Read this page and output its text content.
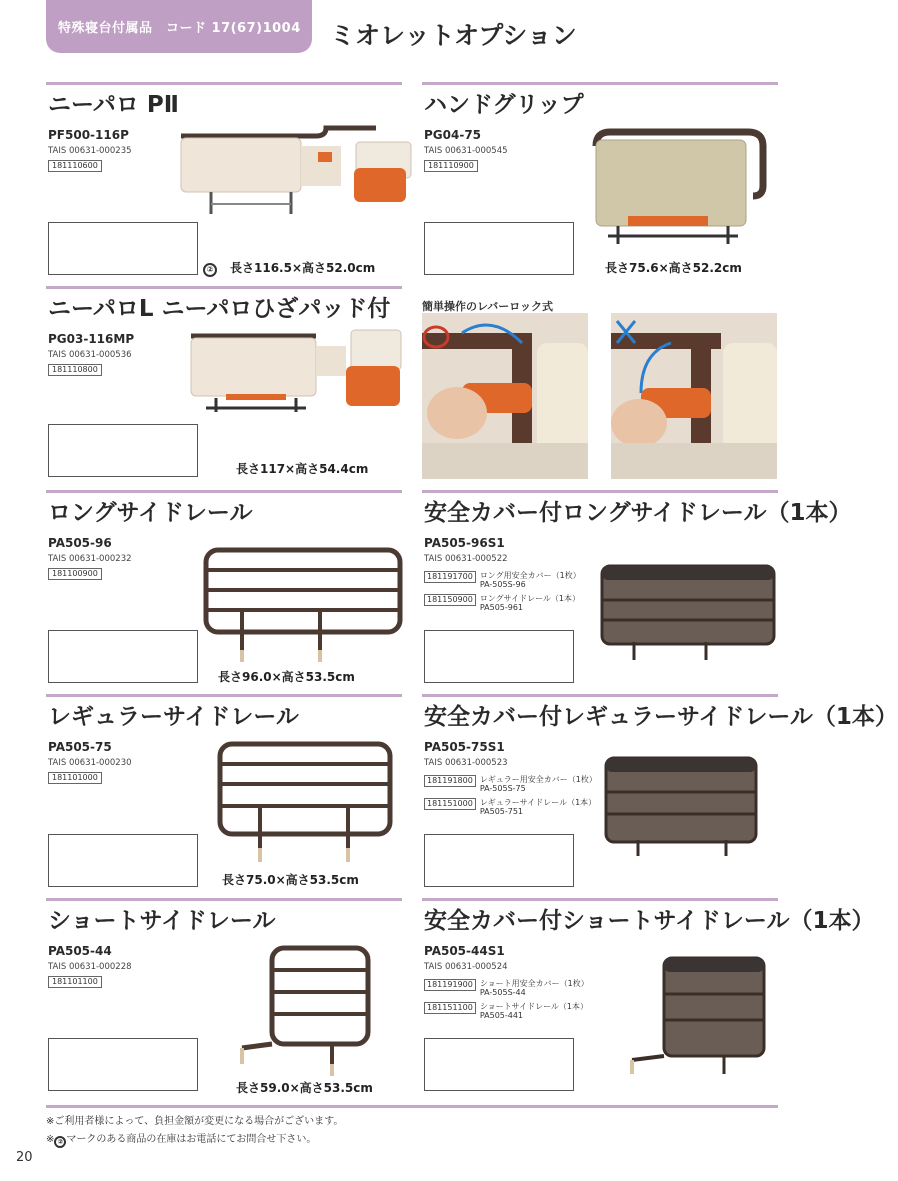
特殊寝台付属品　コード 17(67)1004	ミオレットオプション
ニーパロ PⅡ
PF500-116P
TAIS 00631-000235
181110600
②	長さ116.5×高さ52.0cm
ハンドグリップ
PG04-75
TAIS 00631-000545
181110900
長さ75.6×高さ52.2cm
ニーパロL ニーパロひざパッド付
PG03-116MP
TAIS 00631-000536
181110800
長さ117×高さ54.4cm
簡単操作のレバーロック式
ロングサイドレール
PA505-96
TAIS 00631-000232
181100900
長さ96.0×高さ53.5cm
安全カバー付ロングサイドレール（1本）
PA505-96S1
TAIS 00631-000522
181191700 ロング用安全カバー（1枚）
PA-505S-96
181150900 ロングサイドレール（1本）
PA505-961
レギュラーサイドレール
PA505-75
TAIS 00631-000230
181101000
長さ75.0×高さ53.5cm
安全カバー付レギュラーサイドレール（1本）
PA505-75S1
TAIS 00631-000523
181191800 レギュラー用安全カバー（1枚）
PA-505S-75
181151000 レギュラーサイドレール（1本）
PA505-751
ショートサイドレール
PA505-44
TAIS 00631-000228
181101100
長さ59.0×高さ53.5cm
安全カバー付ショートサイドレール（1本）
PA505-44S1
TAIS 00631-000524
181191900 ショート用安全カバー（1枚）
PA-505S-44
181151100 ショートサイドレール（1本）
PA505-441
※ご利用者様によって、負担金額が変更になる場合がございます。
※ ② マークのある商品の在庫はお電話にてお問合せ下さい。
20
